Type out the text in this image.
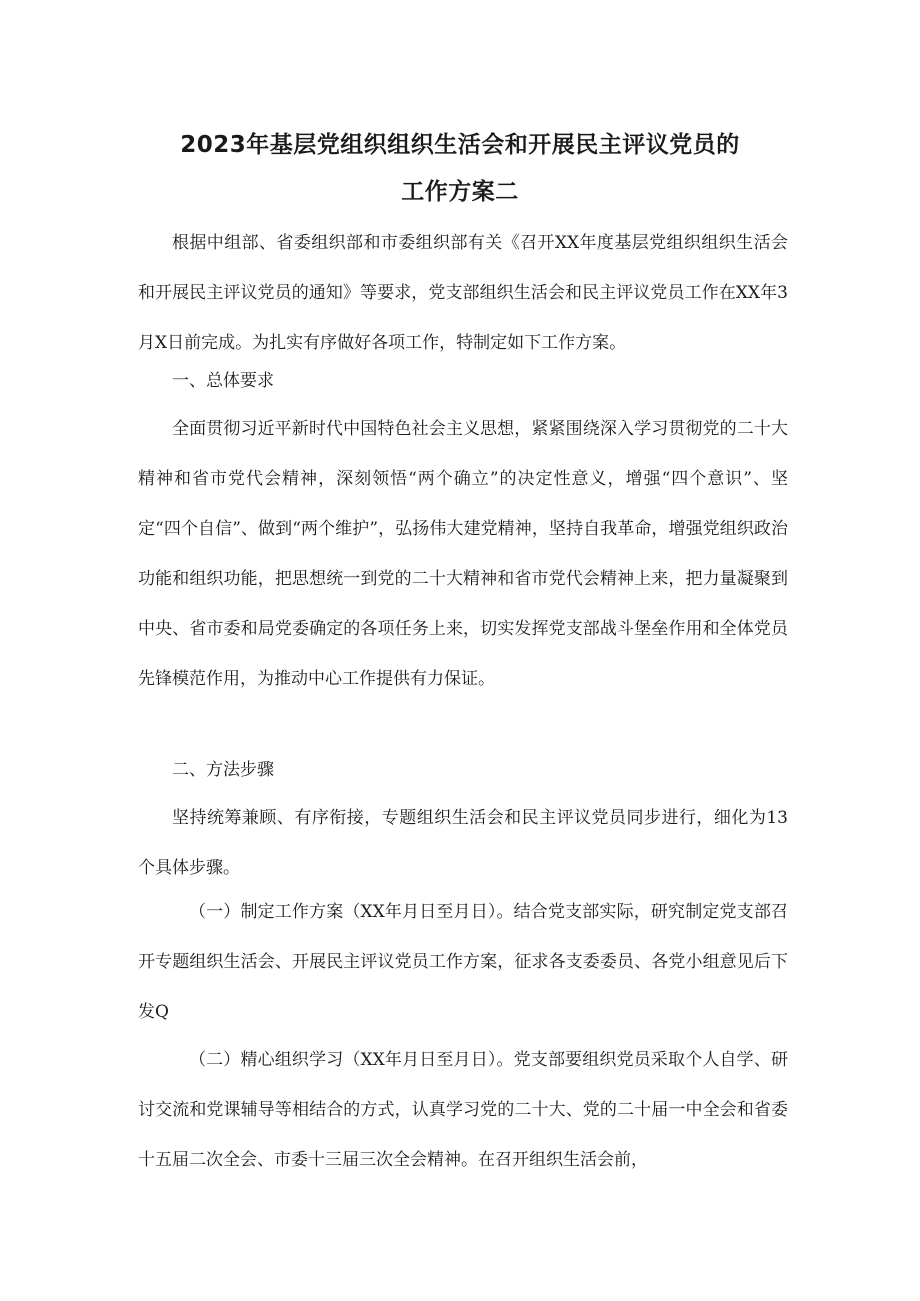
2023年基层党组织组织生活会和开展民主评议党员的
工作方案二

根据中组部、省委组织部和市委组织部有关《召开XX年度基层党组织组织生活会和开展民主评议党员的通知》等要求，党支部组织生活会和民主评议党员工作在XX年3月X日前完成。为扎实有序做好各项工作，特制定如下工作方案。

一、总体要求

全面贯彻习近平新时代中国特色社会主义思想，紧紧围绕深入学习贯彻党的二十大精神和省市党代会精神，深刻领悟“两个确立”的决定性意义，增强“四个意识”、坚定“四个自信”、做到“两个维护”，弘扬伟大建党精神，坚持自我革命，增强党组织政治功能和组织功能，把思想统一到党的二十大精神和省市党代会精神上来，把力量凝聚到中央、省市委和局党委确定的各项任务上来，切实发挥党支部战斗堡垒作用和全体党员先锋模范作用，为推动中心工作提供有力保证。

二、方法步骤

坚持统筹兼顾、有序衔接，专题组织生活会和民主评议党员同步进行，细化为13个具体步骤。

（一）制定工作方案（XX年月日至月日）。结合党支部实际，研究制定党支部召开专题组织生活会、开展民主评议党员工作方案，征求各支委委员、各党小组意见后下发Q

（二）精心组织学习（XX年月日至月日）。党支部要组织党员采取个人自学、研讨交流和党课辅导等相结合的方式，认真学习党的二十大、党的二十届一中全会和省委十五届二次全会、市委十三届三次全会精神。在召开组织生活会前，
